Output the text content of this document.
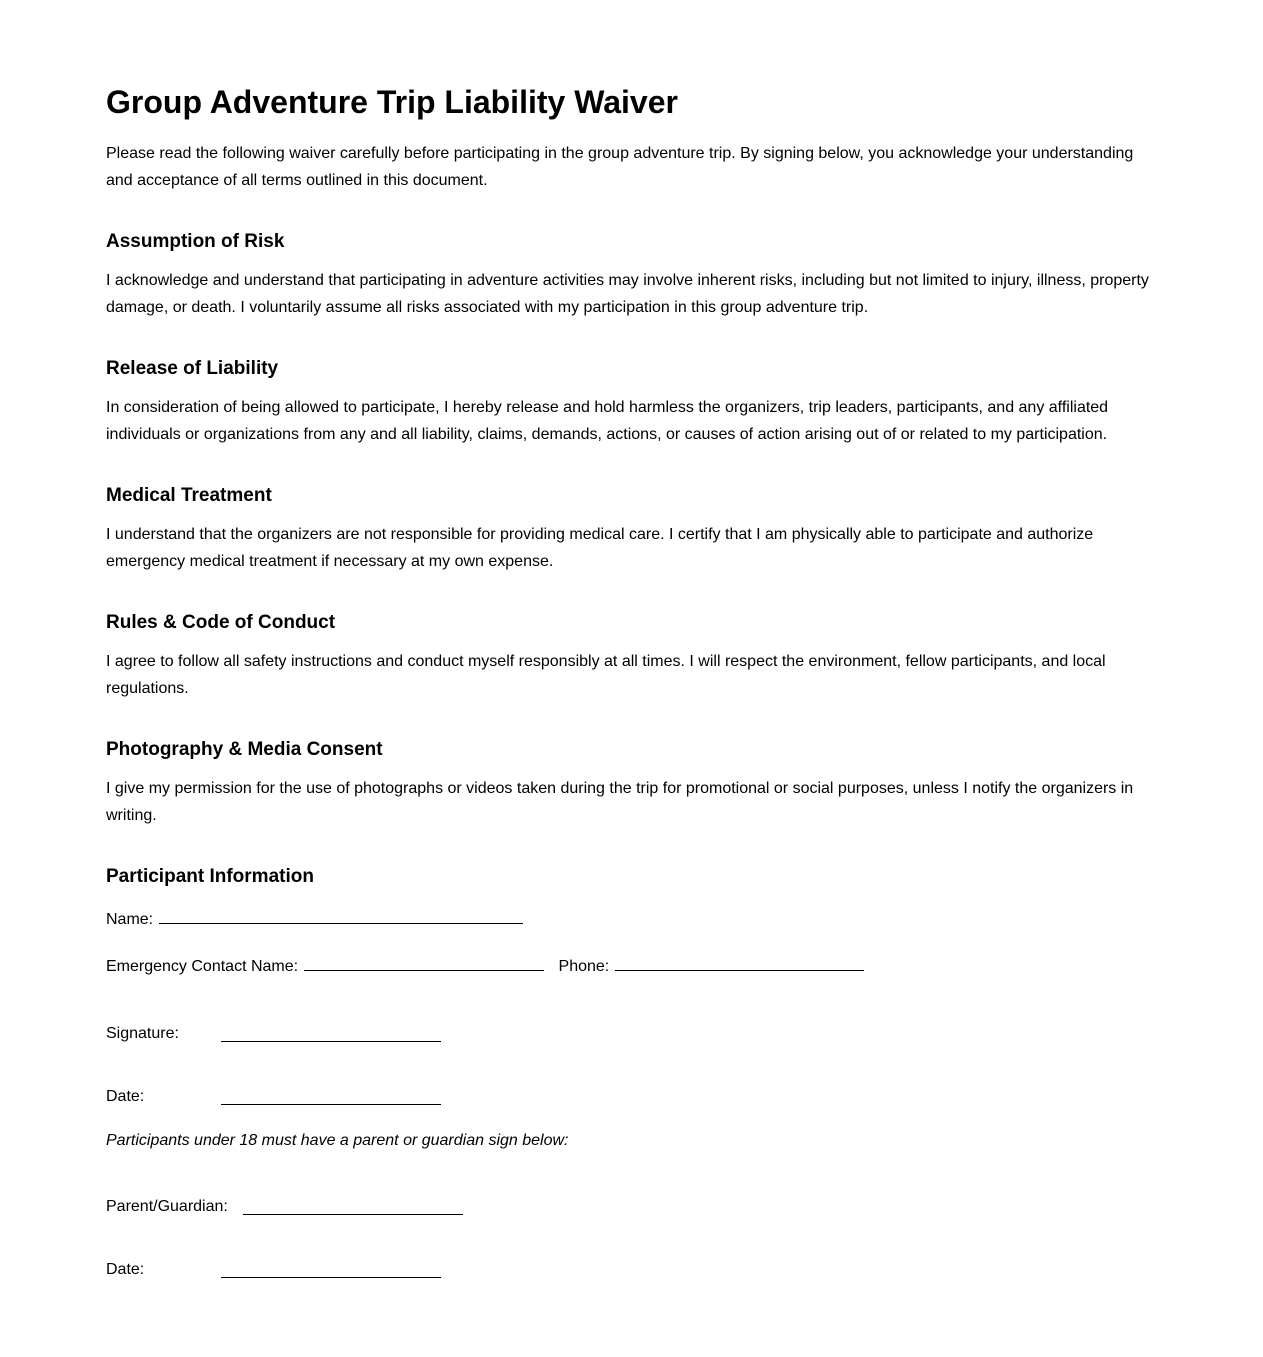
Group Adventure Trip Liability Waiver

Please read the following waiver carefully before participating in the group adventure trip. By signing below, you acknowledge your understanding and acceptance of all terms outlined in this document.

Assumption of Risk

I acknowledge and understand that participating in adventure activities may involve inherent risks, including but not limited to injury, illness, property damage, or death. I voluntarily assume all risks associated with my participation in this group adventure trip.

Release of Liability

In consideration of being allowed to participate, I hereby release and hold harmless the organizers, trip leaders, participants, and any affiliated individuals or organizations from any and all liability, claims, demands, actions, or causes of action arising out of or related to my participation.

Medical Treatment

I understand that the organizers are not responsible for providing medical care. I certify that I am physically able to participate and authorize emergency medical treatment if necessary at my own expense.

Rules & Code of Conduct

I agree to follow all safety instructions and conduct myself responsibly at all times. I will respect the environment, fellow participants, and local regulations.

Photography & Media Consent

I give my permission for the use of photographs or videos taken during the trip for promotional or social purposes, unless I notify the organizers in writing.

Participant Information
Name:
Emergency Contact Name:	Phone:
Signature:
Date:
Participants under 18 must have a parent or guardian sign below:
Parent/Guardian:
Date:
